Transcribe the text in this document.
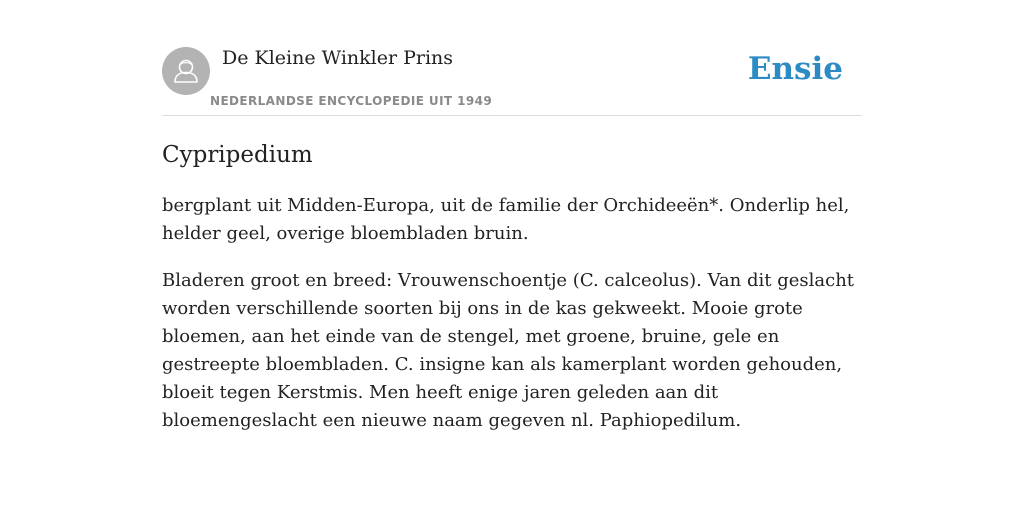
De Kleine Winkler Prins
NEDERLANDSE ENCYCLOPEDIE UIT 1949
Ensie
Cypripedium

bergplant uit Midden-Europa, uit de familie der Orchideeën*. Onderlip hel, helder geel, overige bloembladen bruin.

Bladeren groot en breed: Vrouwenschoentje (C. calceolus). Van dit geslacht worden verschillende soorten bij ons in de kas gekweekt. Mooie grote bloemen, aan het einde van de stengel, met groene, bruine, gele en gestreepte bloembladen. C. insigne kan als kamerplant worden gehouden, bloeit tegen Kerstmis. Men heeft enige jaren geleden aan dit bloemengeslacht een nieuwe naam gegeven nl. Paphiopedilum.
